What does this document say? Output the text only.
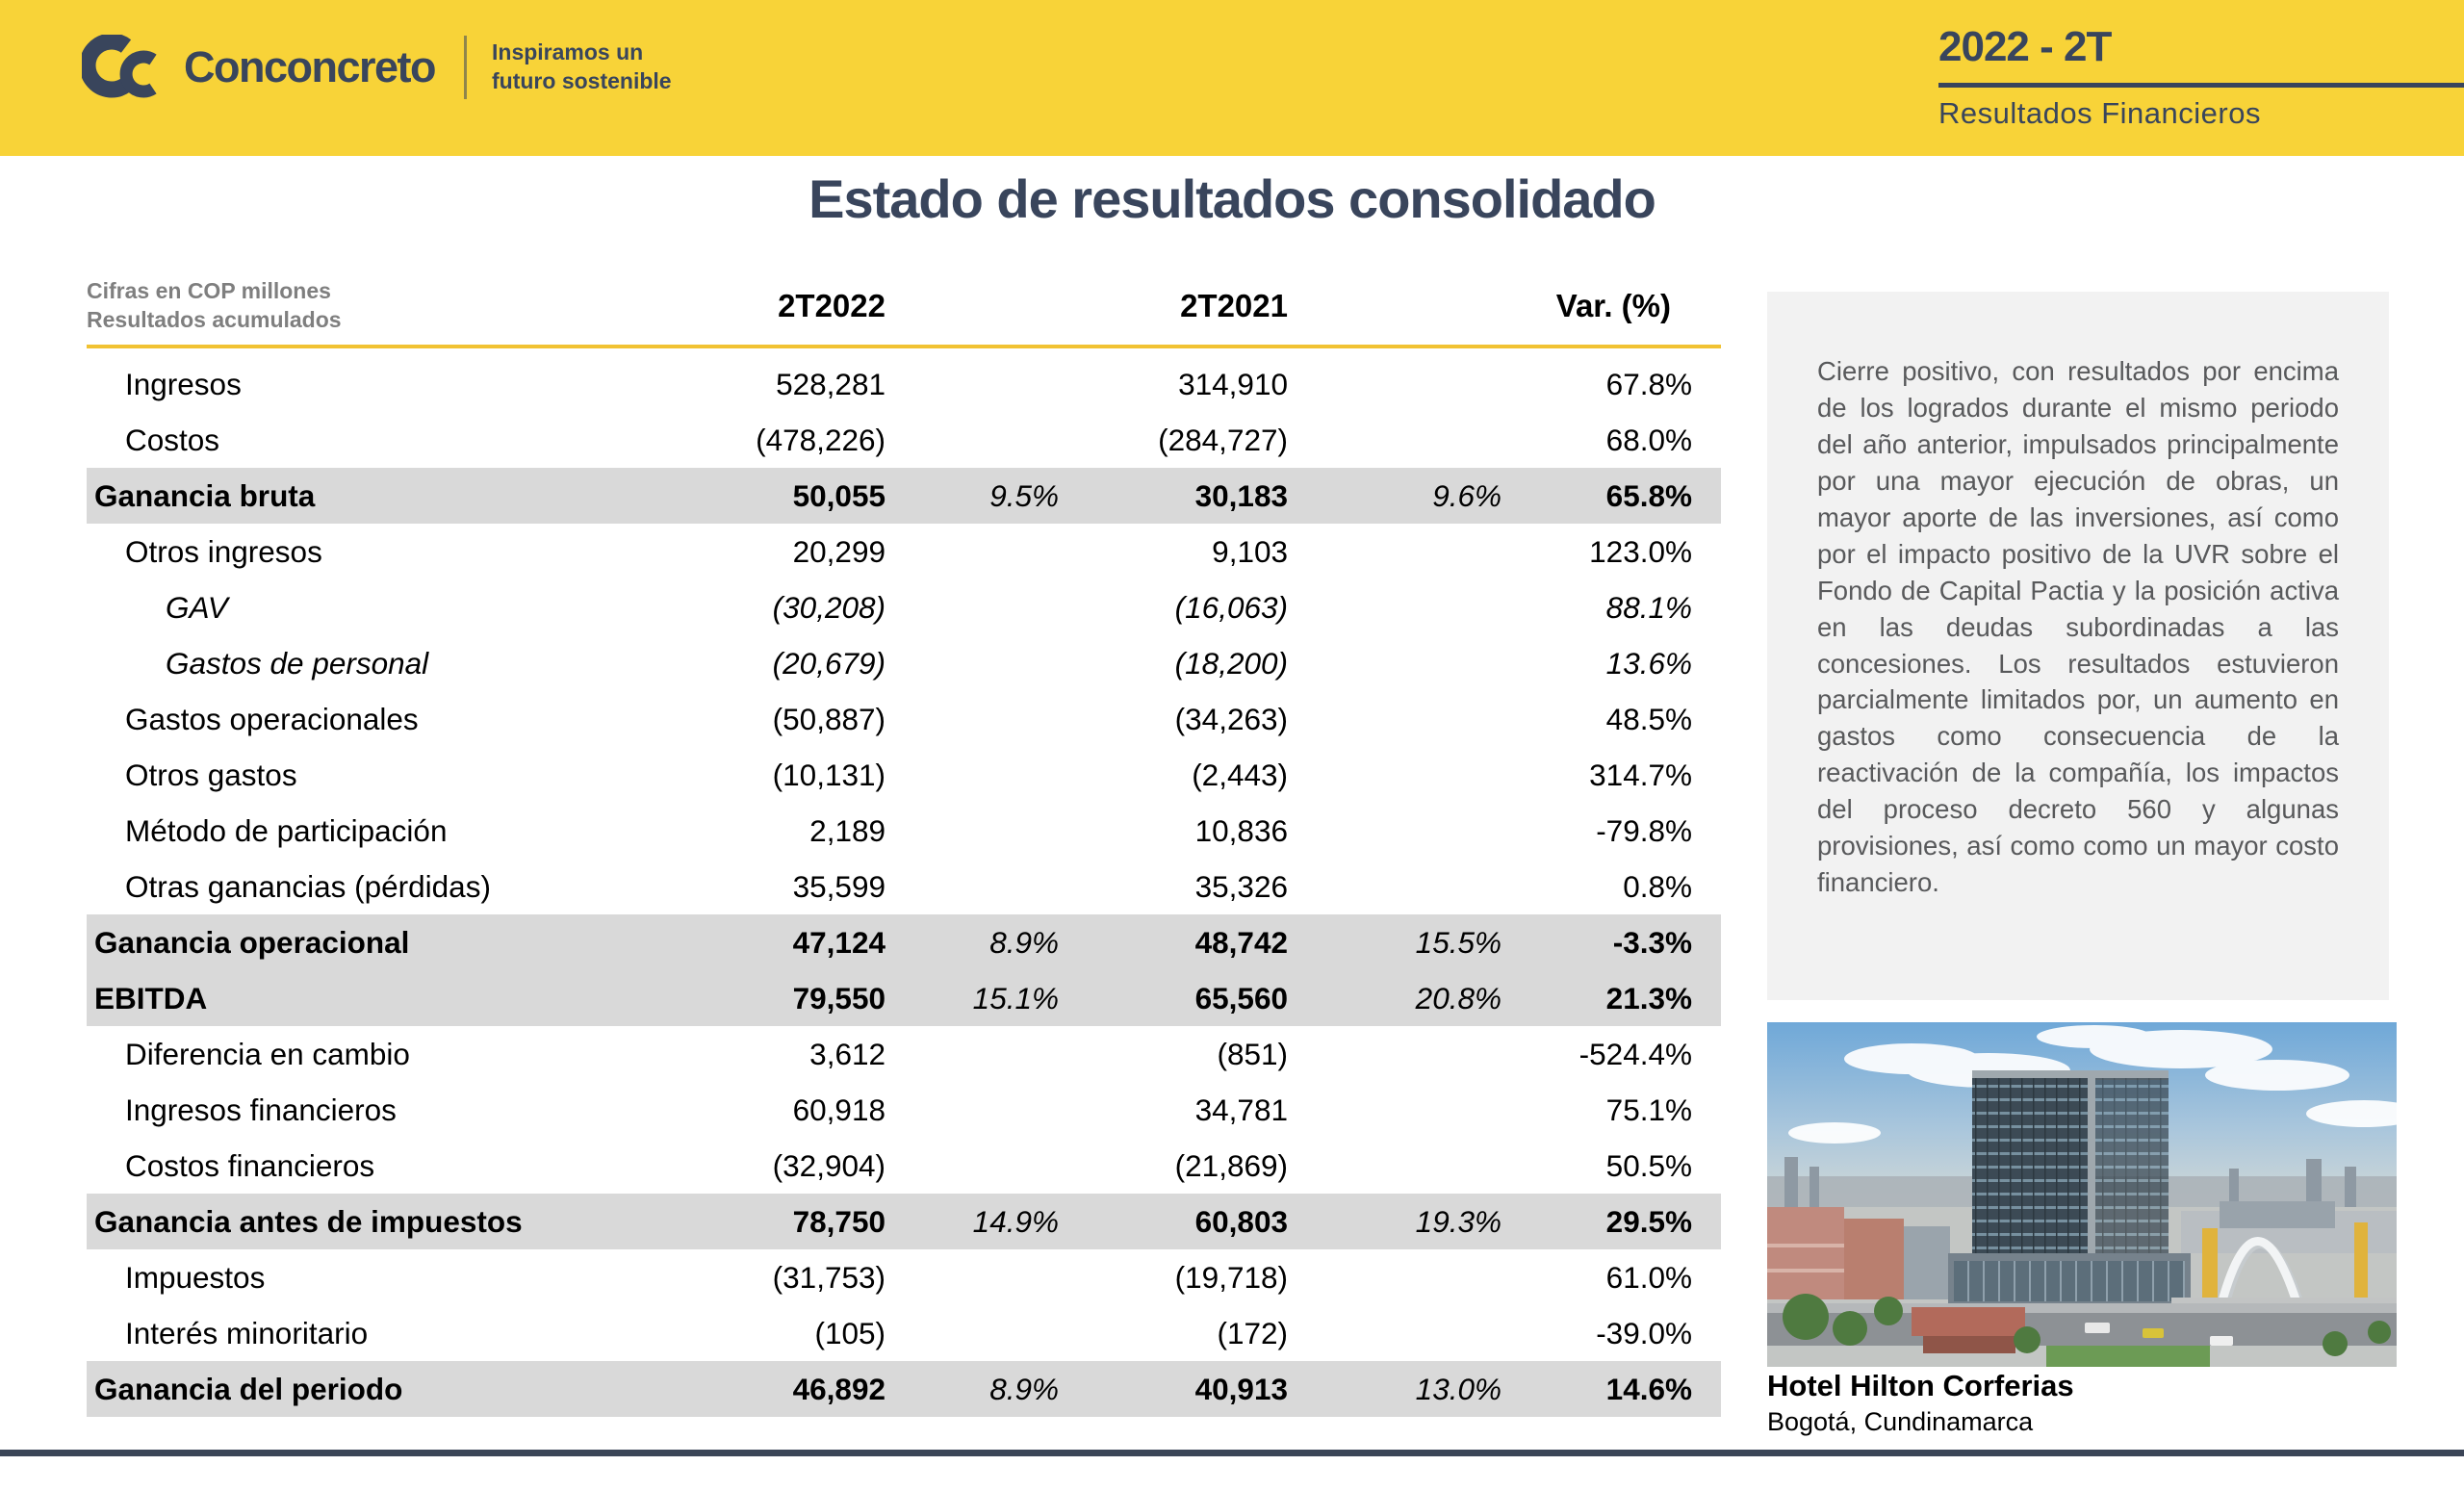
Conconcreto	Inspiramos un
futuro sostenible
2022 - 2T
Resultados Financieros
Estado de resultados consolidado
Cifras en COP millones
Resultados acumulados	2T2022	2T2021	Var. (%)
Ingresos	528,281	314,910	67.8%
Costos	(478,226)	(284,727)	68.0%
Ganancia bruta	50,055	9.5%	30,183	9.6%	65.8%
Otros ingresos	20,299	9,103	123.0%
GAV	(30,208)	(16,063)	88.1%
Gastos de personal	(20,679)	(18,200)	13.6%
Gastos operacionales	(50,887)	(34,263)	48.5%
Otros gastos	(10,131)	(2,443)	314.7%
Método de participación	2,189	10,836	-79.8%
Otras ganancias (pérdidas)	35,599	35,326	0.8%
Ganancia operacional	47,124	8.9%	48,742	15.5%	-3.3%
EBITDA	79,550	15.1%	65,560	20.8%	21.3%
Diferencia en cambio	3,612	(851)	-524.4%
Ingresos financieros	60,918	34,781	75.1%
Costos financieros	(32,904)	(21,869)	50.5%
Ganancia antes de impuestos	78,750	14.9%	60,803	19.3%	29.5%
Impuestos	(31,753)	(19,718)	61.0%
Interés minoritario	(105)	(172)	-39.0%
Ganancia del periodo	46,892	8.9%	40,913	13.0%	14.6%

Cierre positivo, con resultados por encima de los logrados durante el mismo periodo del año anterior, impulsados principalmente por una mayor ejecución de obras, un mayor aporte de las inversiones, así como por el impacto positivo de la UVR sobre el Fondo de Capital Pactia y la posición activa en las deudas subordinadas a las concesiones. Los resultados estuvieron parcialmente limitados por, un aumento en gastos como consecuencia de la reactivación de la compañía, los impactos del proceso decreto 560 y algunas provisiones, así como como un mayor costo financiero.

Hotel Hilton Corferias
Bogotá, Cundinamarca
